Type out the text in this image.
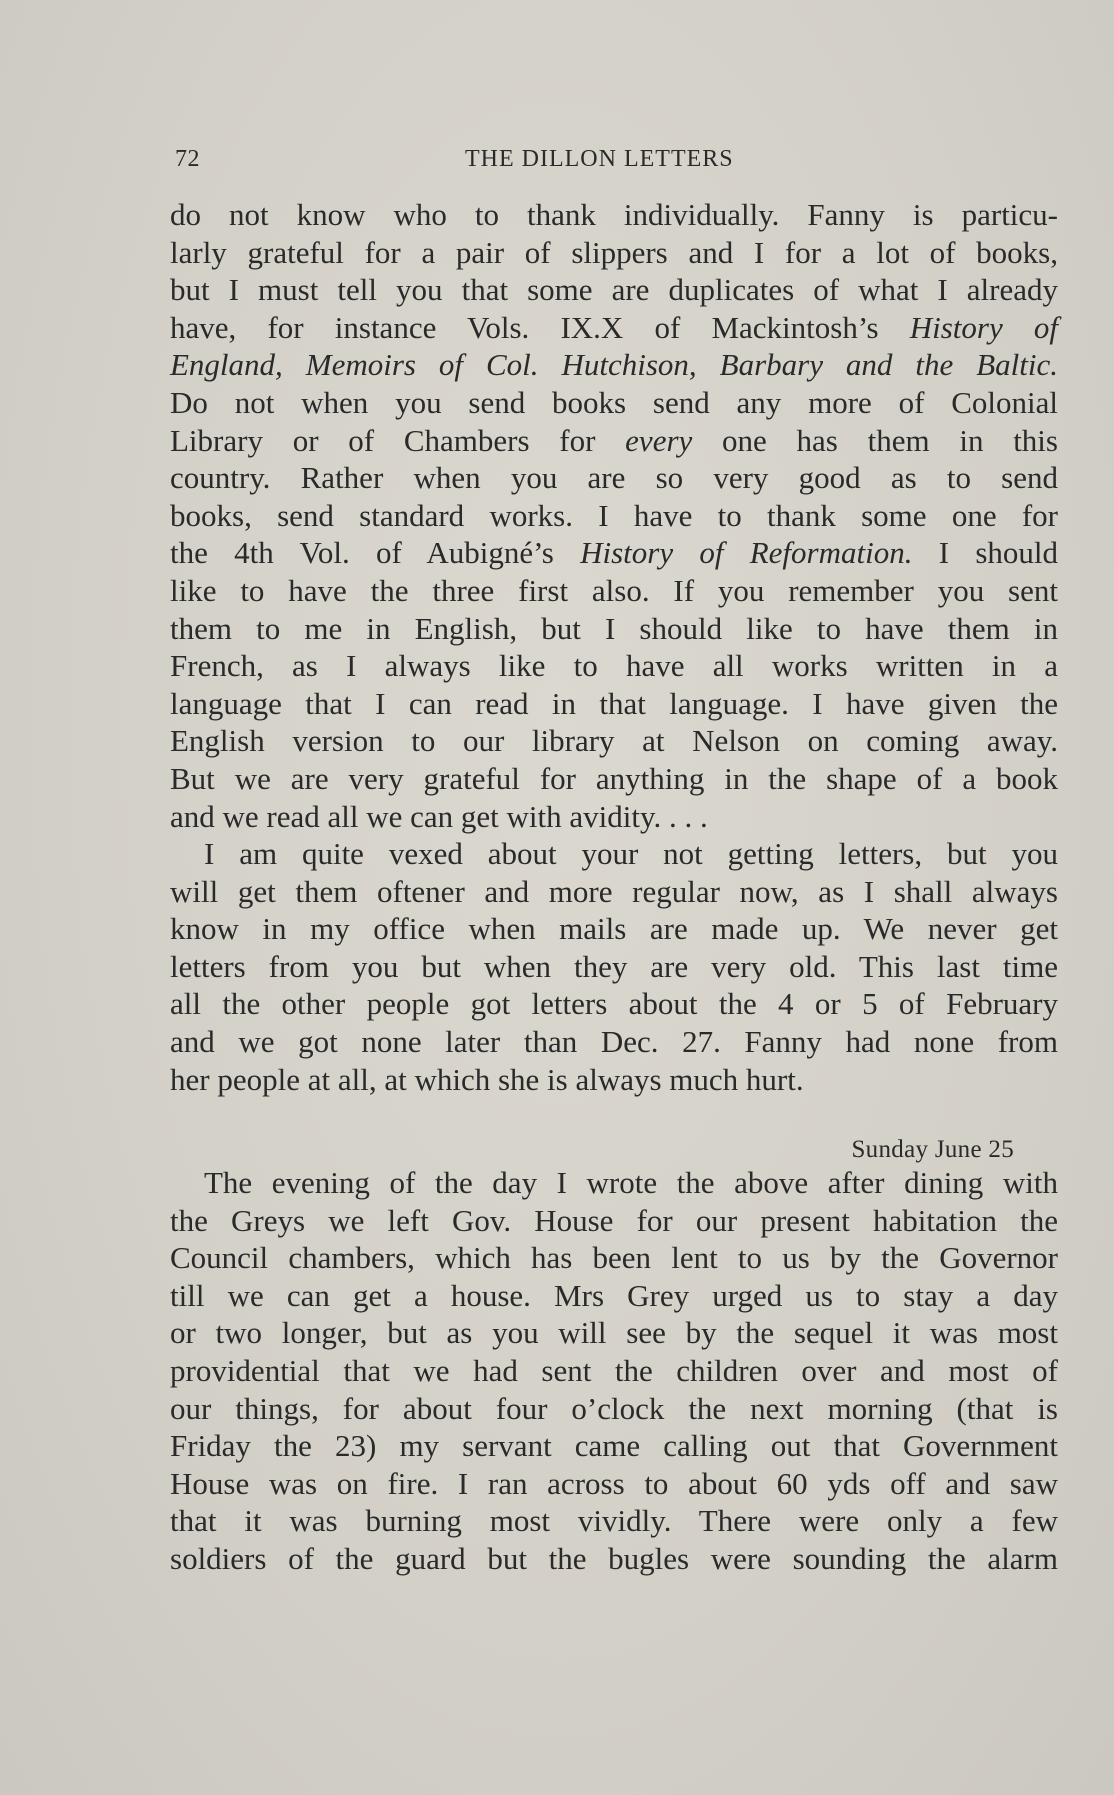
72	THE DILLON LETTERS
do not know who to thank individually. Fanny is particu-
larly grateful for a pair of slippers and I for a lot of books,
but I must tell you that some are duplicates of what I already
have, for instance Vols. IX.X of Mackintosh’s History of
England, Memoirs of Col. Hutchison, Barbary and the Baltic.
Do not when you send books send any more of Colonial
Library or of Chambers for every one has them in this
country. Rather when you are so very good as to send
books, send standard works. I have to thank some one for
the 4th Vol. of Aubigné’s History of Reformation. I should
like to have the three first also. If you remember you sent
them to me in English, but I should like to have them in
French, as I always like to have all works written in a
language that I can read in that language. I have given the
English version to our library at Nelson on coming away.
But we are very grateful for anything in the shape of a book
and we read all we can get with avidity. . . .
I am quite vexed about your not getting letters, but you
will get them oftener and more regular now, as I shall always
know in my office when mails are made up. We never get
letters from you but when they are very old. This last time
all the other people got letters about the 4 or 5 of February
and we got none later than Dec. 27. Fanny had none from
her people at all, at which she is always much hurt.
Sunday June 25
The evening of the day I wrote the above after dining with
the Greys we left Gov. House for our present habitation the
Council chambers, which has been lent to us by the Governor
till we can get a house. Mrs Grey urged us to stay a day
or two longer, but as you will see by the sequel it was most
providential that we had sent the children over and most of
our things, for about four o’clock the next morning (that is
Friday the 23) my servant came calling out that Government
House was on fire. I ran across to about 60 yds off and saw
that it was burning most vividly. There were only a few
soldiers of the guard but the bugles were sounding the alarm
